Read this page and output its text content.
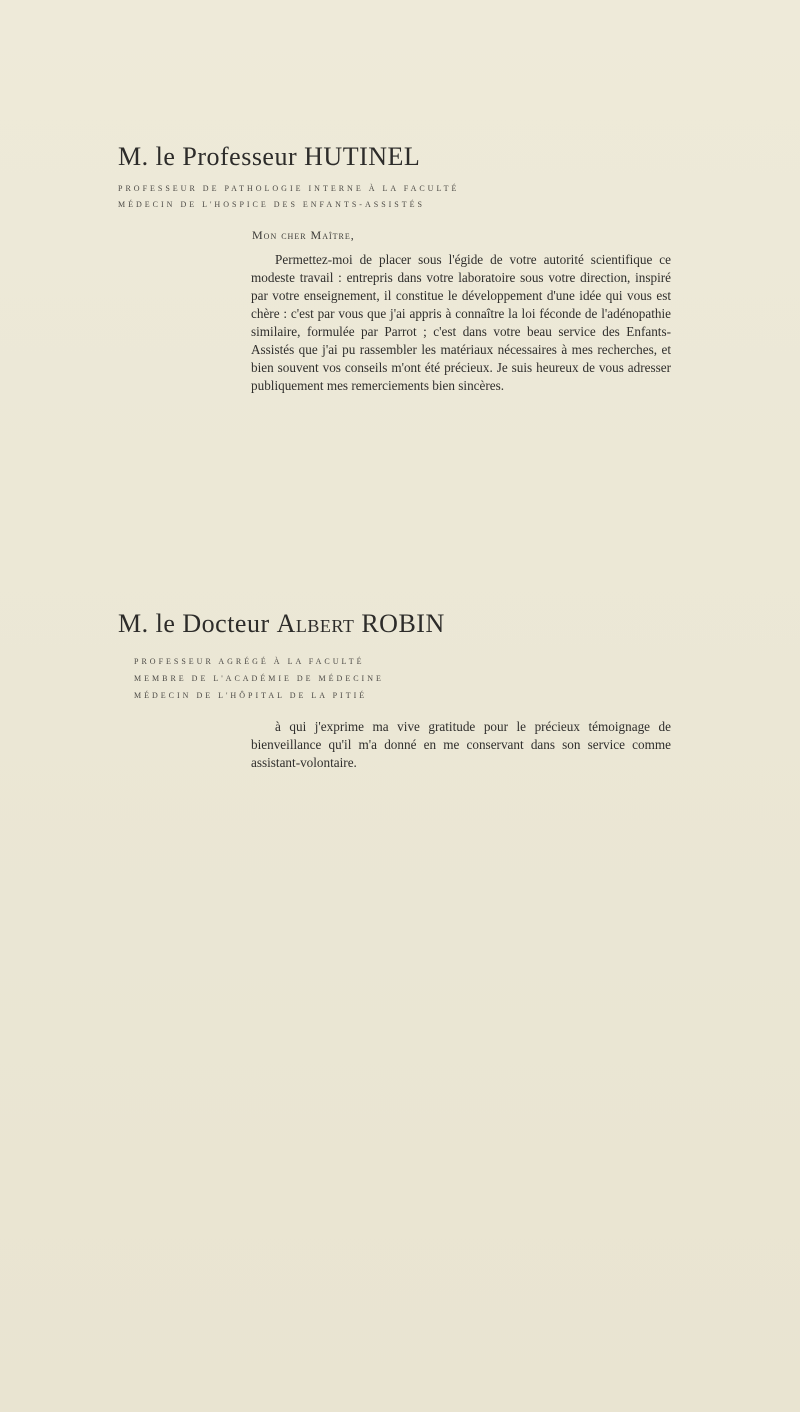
M. le Professeur HUTINEL

PROFESSEUR DE PATHOLOGIE INTERNE À LA FACULTÉ

MÉDECIN DE L'HOSPICE DES ENFANTS-ASSISTÉS

Mon cher Maître,

Permettez-moi de placer sous l'égide de votre autorité scientifique ce modeste travail : entrepris dans votre laboratoire sous votre direction, inspiré par votre enseignement, il constitue le développement d'une idée qui vous est chère : c'est par vous que j'ai appris à connaître la loi féconde de l'adénopathie similaire, formulée par Parrot ; c'est dans votre beau service des Enfants-Assistés que j'ai pu rassembler les matériaux nécessaires à mes recherches, et bien souvent vos conseils m'ont été précieux. Je suis heureux de vous adresser publiquement mes remerciements bien sincères.

M. le Docteur Albert ROBIN

PROFESSEUR AGRÉGÉ À LA FACULTÉ

MEMBRE DE L'ACADÉMIE DE MÉDECINE

MÉDECIN DE L'HÔPITAL DE LA PITIÉ

à qui j'exprime ma vive gratitude pour le précieux témoignage de bienveillance qu'il m'a donné en me conservant dans son service comme assistant-volontaire.
